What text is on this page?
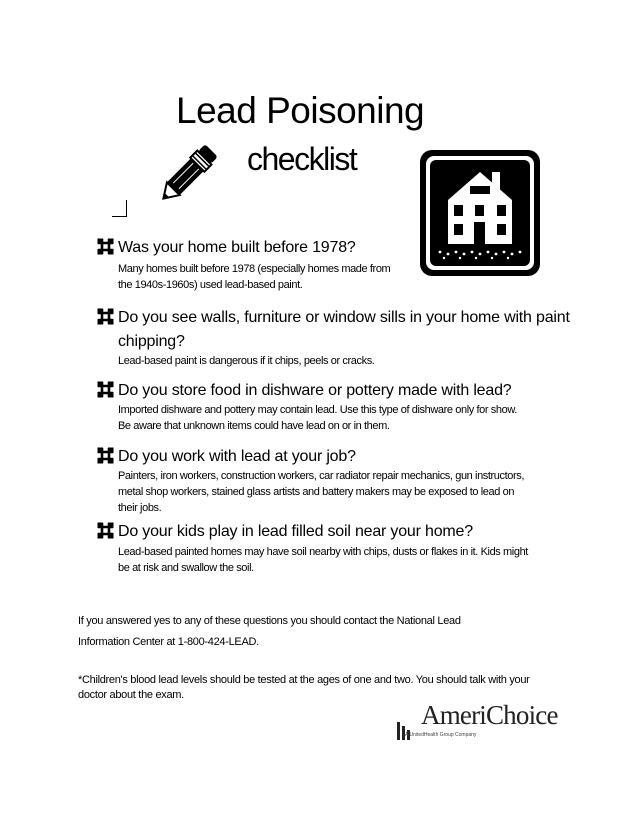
Lead Poisoning
checklist
Was your home built before 1978?
Many homes built before 1978 (especially homes made from
the 1940s-1960s) used lead-based paint.
Do you see walls, furniture or window sills in your home with paint
chipping?
Lead-based paint is dangerous if it chips, peels or cracks.
Do you store food in dishware or pottery made with lead?
Imported dishware and pottery may contain lead. Use this type of dishware only for show.
Be aware that unknown items could have lead on or in them.
Do you work with lead at your job?
Painters, iron workers, construction workers, car radiator repair mechanics, gun instructors,
metal shop workers, stained glass artists and battery makers may be exposed to lead on
their jobs.
Do your kids play in lead filled soil near your home?
Lead-based painted homes may have soil nearby with chips, dusts or flakes in it. Kids might
be at risk and swallow the soil.
If you answered yes to any of these questions you should contact the National Lead
Information Center at 1-800-424-LEAD.
*Children's blood lead levels should be tested at the ages of one and two. You should talk with your
doctor about the exam.
AmeriChoice
A UnitedHealth Group Company
